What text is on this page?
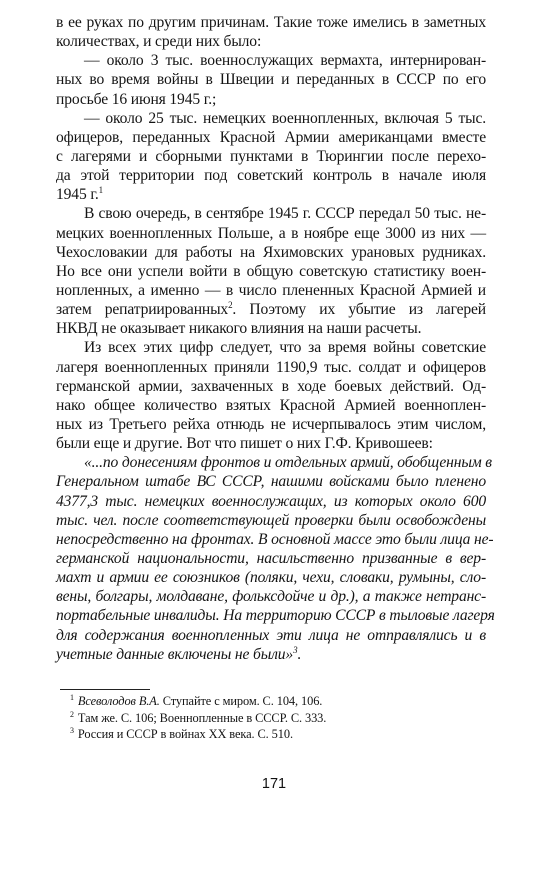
в ее руках по другим причинам. Такие тоже имелись в заметных
количествах, и среди них было:
— около 3 тыс. военнослужащих вермахта, интернирован-
ных во время войны в Швеции и переданных в СССР по его
просьбе 16 июня 1945 г.;
— около 25 тыс. немецких военнопленных, включая 5 тыс.
офицеров, переданных Красной Армии американцами вместе
с лагерями и сборными пунктами в Тюрингии после перехо-
да этой территории под советский контроль в начале июля
1945 г.$^1$
В свою очередь, в сентябре 1945 г. СССР передал 50 тыс. не-
мецких военнопленных Польше, а в ноябре еще 3000 из них —
Чехословакии для работы на Яхимовских урановых рудниках.
Но все они успели войти в общую советскую статистику воен-
нопленных, а именно — в число плененных Красной Армией и
затем репатриированных$^2$. Поэтому их убытие из лагерей
НКВД не оказывает никакого влияния на наши расчеты.
Из всех этих цифр следует, что за время войны советские
лагеря военнопленных приняли 1190,9 тыс. солдат и офицеров
германской армии, захваченных в ходе боевых действий. Од-
нако общее количество взятых Красной Армией военноплен-
ных из Третьего рейха отнюдь не исчерпывалось этим числом,
были еще и другие. Вот что пишет о них Г.Ф. Кривошеев:
«...по донесениям фронтов и отдельных армий, обобщенным в
Генеральном штабе ВС СССР, нашими войсками было пленено
4377,3 тыс. немецких военнослужащих, из которых около 600
тыс. чел. после соответствующей проверки были освобождены
непосредственно на фронтах. В основной массе это были лица не-
германской национальности, насильственно призванные в вер-
махт и армии ее союзников (поляки, чехи, словаки, румыны, сло-
вены, болгары, молдаване, фольксдойче и др.), а также нетранс-
портабельные инвалиды. На территорию СССР в тыловые лагеря
для содержания военнопленных эти лица не отправлялись и в
учетные данные включены не были»$^3$.
$^1$ Всеволодов В.А. Ступайте с миром. С. 104, 106.
$^2$ Там же. С. 106; Военнопленные в СССР. С. 333.
$^3$ Россия и СССР в войнах XX века. С. 510.
171
